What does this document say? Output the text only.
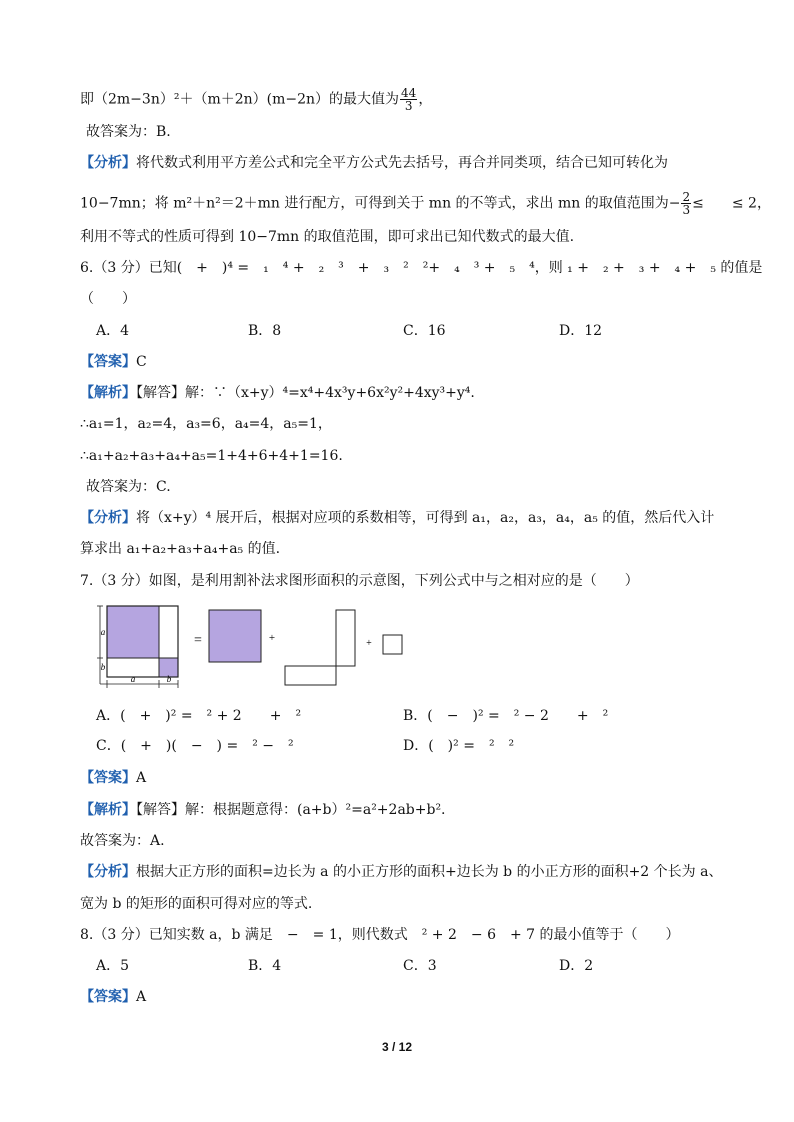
即（2m−3n）²＋（m＋2n）(m−2n）的最大值为 $\frac{44}{3}$ ，
故答案为：B.
【分析】将代数式利用平方差公式和完全平方公式先去括号，再合并同类项，结合已知可转化为
10−7mn；将 m²＋n²＝2＋mn 进行配方，可得到关于 mn 的不等式，求出 mn 的取值范围为− $\frac{2}{3}$ ≤　　≤ 2，
利用不等式的性质可得到 10−7mn 的取值范围，即可求出已知代数式的最大值.
6.（3 分）已知(　+　)⁴ =　₁　⁴ +　₂　³　+　₃　²　²+　₄　³ +　₅　⁴，则 ₁ +　₂ +　₃ +　₄ +　₅ 的值是
（　　）
A．4	B．8	C．16	D．12
【答案】C
【解析】【解答】解：∵（x+y）⁴=x⁴+4x³y+6x²y²+4xy³+y⁴.
∴a₁=1，a₂=4，a₃=6，a₄=4，a₅=1，
∴a₁+a₂+a₃+a₄+a₅=1+4+6+4+1=16.
故答案为：C.
【分析】将（x+y）⁴ 展开后，根据对应项的系数相等，可得到 a₁，a₂，a₃，a₄，a₅ 的值，然后代入计
算求出 a₁+a₂+a₃+a₄+a₅ 的值.
7.（3 分）如图，是利用割补法求图形面积的示意图，下列公式中与之相对应的是（　　）
a
b
a	b
=	+	+
A．(　+　)² =　² + 2　　+　²	B．(　−　)² =　² − 2　　+　²
C．(　+　)(　−　) =　² −　²	D．(　)² =　²　²
【答案】A
【解析】【解答】解：根据题意得：(a+b）²=a²+2ab+b².
故答案为：A.
【分析】根据大正方形的面积=边长为 a 的小正方形的面积+边长为 b 的小正方形的面积+2 个长为 a、
宽为 b 的矩形的面积可得对应的等式.
8.（3 分）已知实数 a，b 满足　−　= 1，则代数式　² + 2　− 6　+ 7 的最小值等于（　　）
A．5	B．4	C．3	D．2
【答案】A
3 / 12
